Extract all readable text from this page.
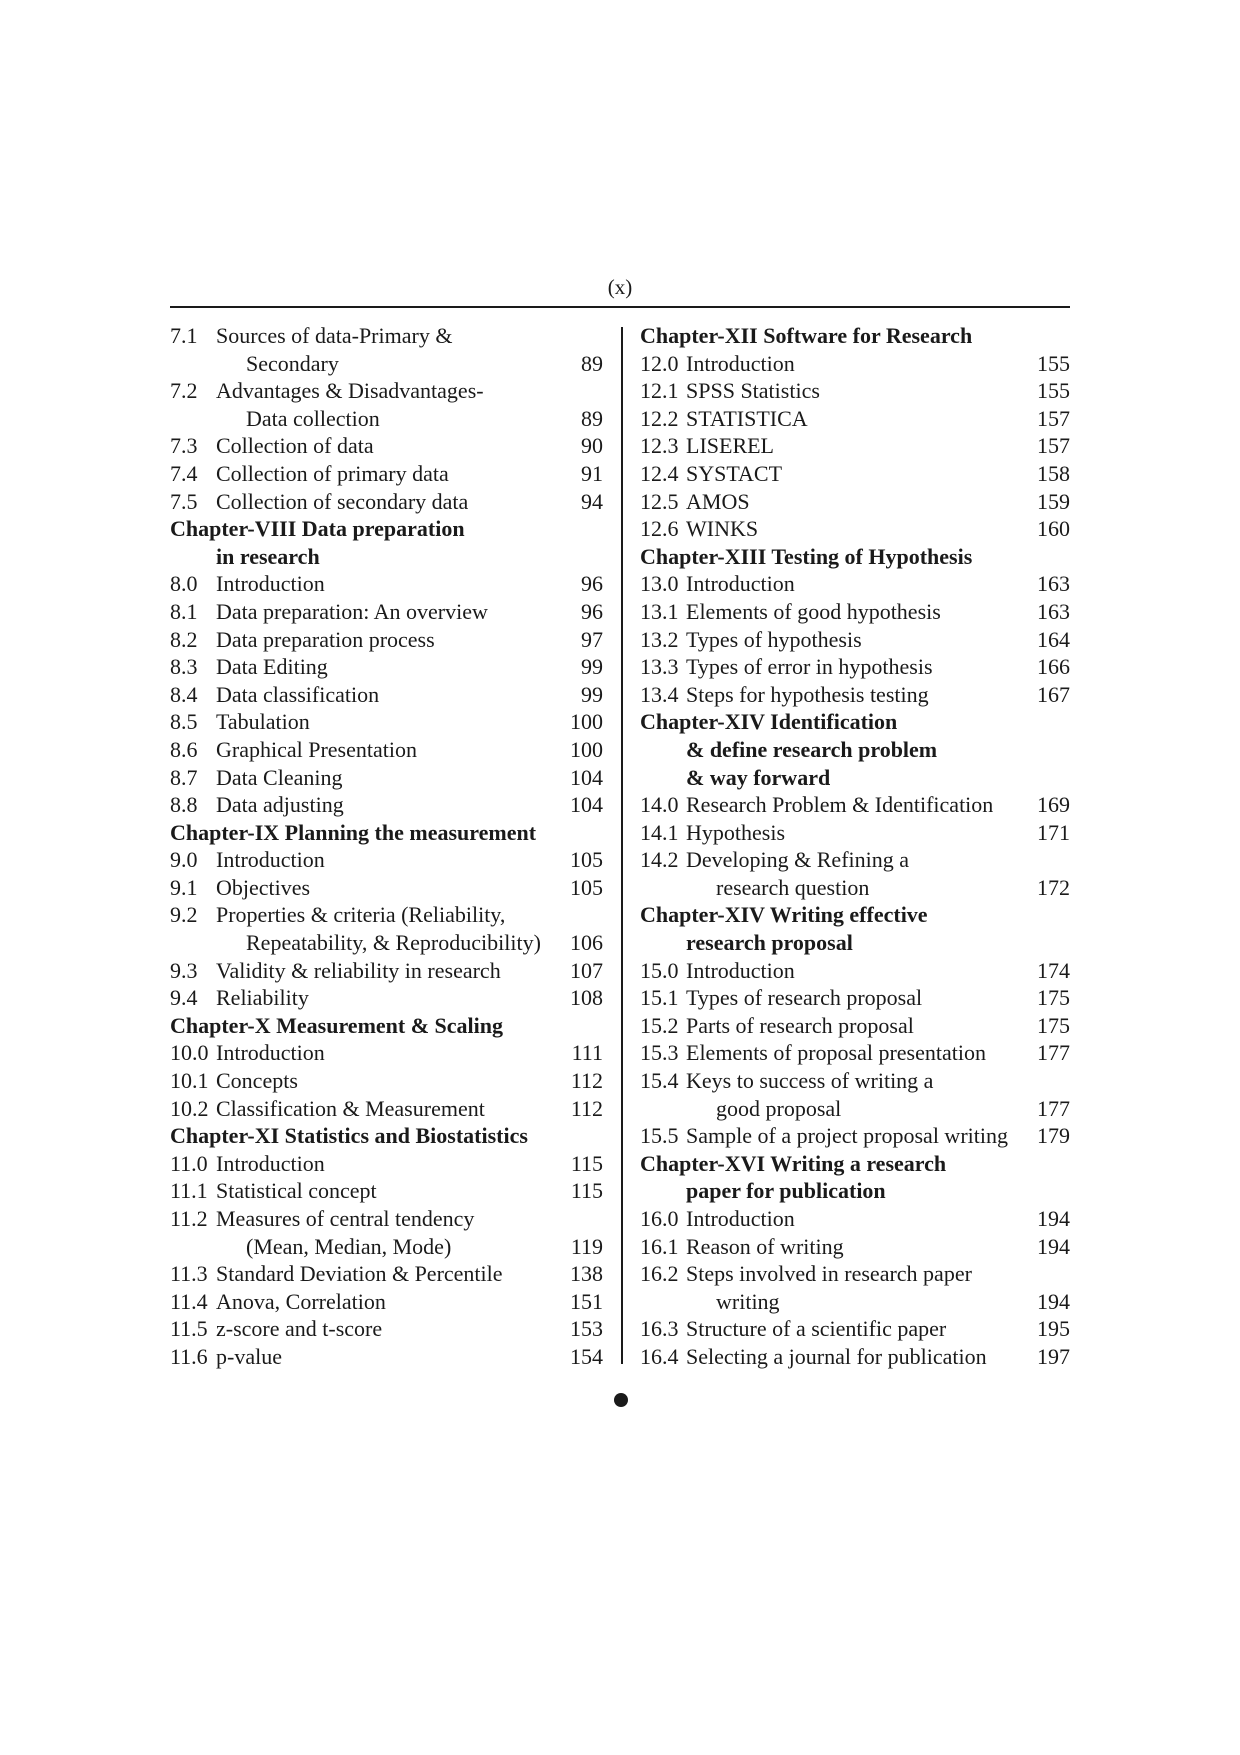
(x)
7.1 Sources of data-Primary &
Secondary	89
7.2 Advantages & Disadvantages-
Data collection	89
7.3 Collection of data	90
7.4 Collection of primary data	91
7.5 Collection of secondary data	94
Chapter-VIII Data preparation
in research
8.0 Introduction	96
8.1 Data preparation: An overview	96
8.2 Data preparation process	97
8.3 Data Editing	99
8.4 Data classification	99
8.5 Tabulation	100
8.6 Graphical Presentation	100
8.7 Data Cleaning	104
8.8 Data adjusting	104
Chapter-IX Planning the measurement
9.0 Introduction	105
9.1 Objectives	105
9.2 Properties & criteria (Reliability,
Repeatability, & Reproducibility) 106
9.3 Validity & reliability in research	107
9.4 Reliability	108
Chapter-X Measurement & Scaling
10.0 Introduction	111
10.1 Concepts	112
10.2 Classification & Measurement	112
Chapter-XI Statistics and Biostatistics
11.0 Introduction	115
11.1 Statistical concept	115
11.2 Measures of central tendency
(Mean, Median, Mode)	119
11.3 Standard Deviation & Percentile	138
11.4 Anova, Correlation	151
11.5 z-score and t-score	153
11.6 p-value	154
Chapter-XII Software for Research
12.0 Introduction	155
12.1 SPSS Statistics	155
12.2 STATISTICA	157
12.3 LISEREL	157
12.4 SYSTACT	158
12.5 AMOS	159
12.6 WINKS	160
Chapter-XIII Testing of Hypothesis
13.0 Introduction	163
13.1 Elements of good hypothesis	163
13.2 Types of hypothesis	164
13.3 Types of error in hypothesis	166
13.4 Steps for hypothesis testing	167
Chapter-XIV Identification
& define research problem
& way forward
14.0 Research Problem & Identification 169
14.1 Hypothesis	171
14.2 Developing & Refining a
research question	172
Chapter-XIV Writing effective
research proposal
15.0 Introduction	174
15.1 Types of research proposal	175
15.2 Parts of research proposal	175
15.3 Elements of proposal presentation 177
15.4 Keys to success of writing a
good proposal	177
15.5 Sample of a project proposal writing 179
Chapter-XVI Writing a research
paper for publication
16.0 Introduction	194
16.1 Reason of writing	194
16.2 Steps involved in research paper
writing	194
16.3 Structure of a scientific paper	195
16.4 Selecting a journal for publication 197
